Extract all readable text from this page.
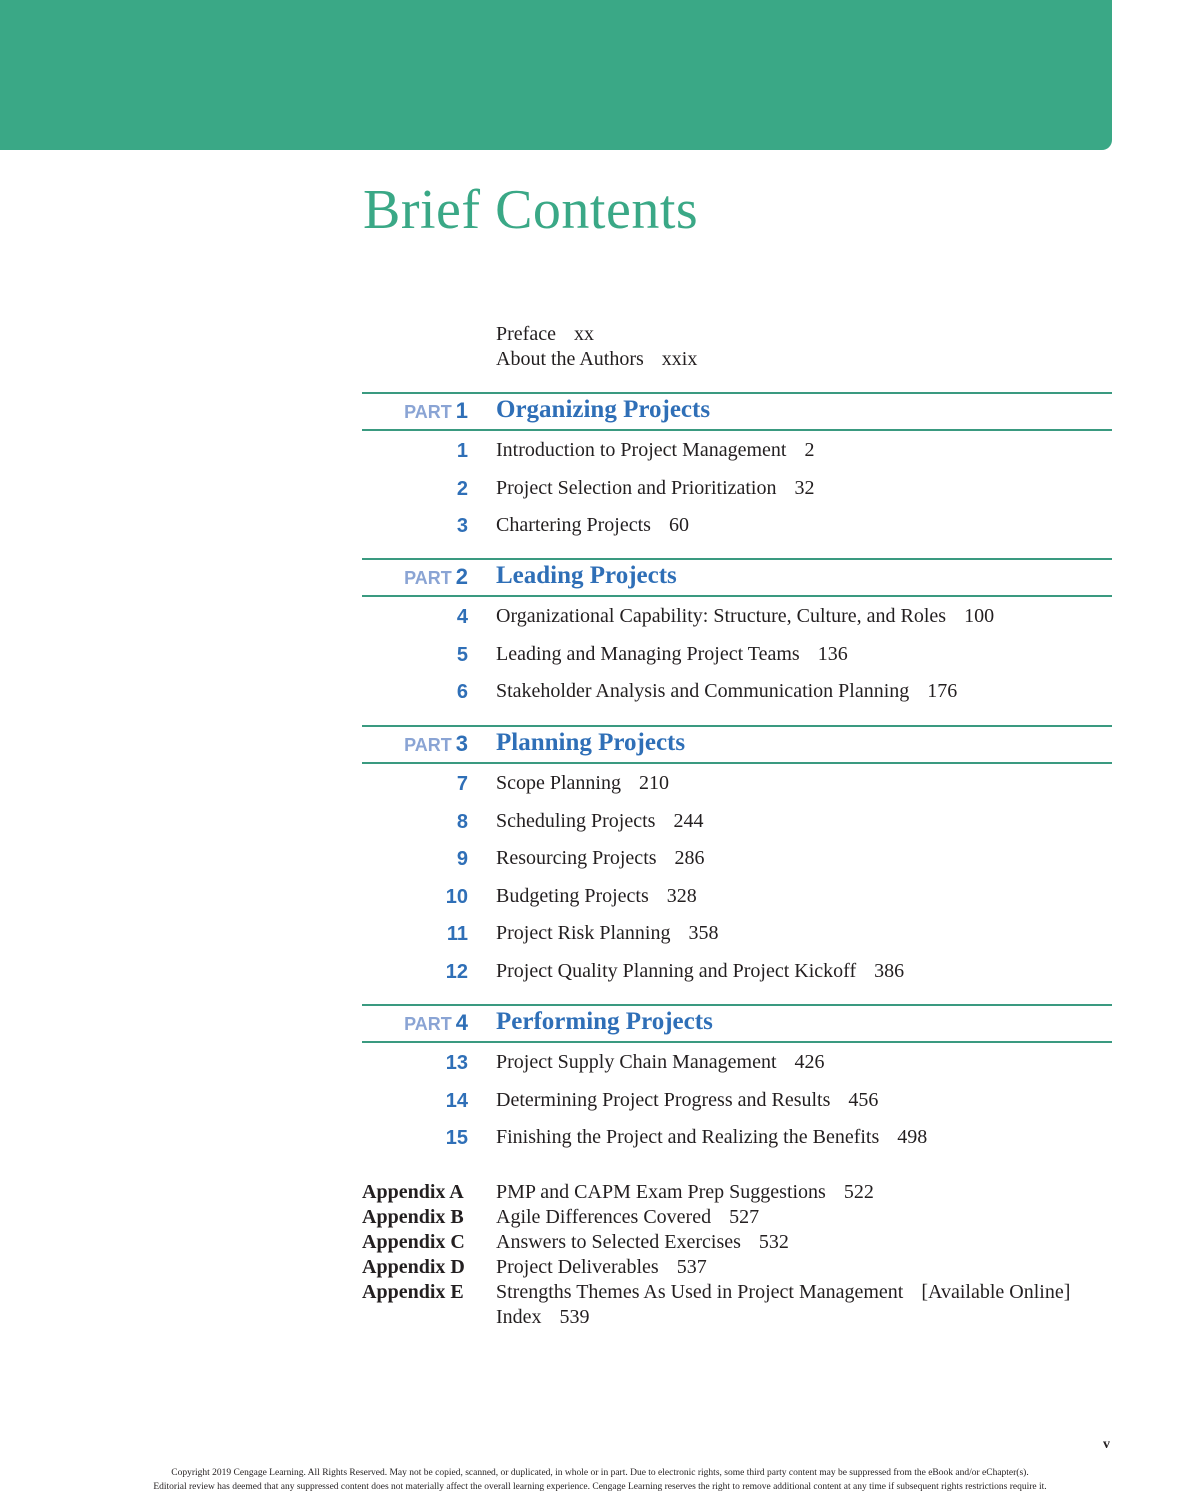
Brief Contents
Preface xx
About the Authors xxix
PART 1 Organizing Projects
1 Introduction to Project Management 2
2 Project Selection and Prioritization 32
3 Chartering Projects 60
PART 2 Leading Projects
4 Organizational Capability: Structure, Culture, and Roles 100
5 Leading and Managing Project Teams 136
6 Stakeholder Analysis and Communication Planning 176
PART 3 Planning Projects
7 Scope Planning 210
8 Scheduling Projects 244
9 Resourcing Projects 286
10 Budgeting Projects 328
11 Project Risk Planning 358
12 Project Quality Planning and Project Kickoff 386
PART 4 Performing Projects
13 Project Supply Chain Management 426
14 Determining Project Progress and Results 456
15 Finishing the Project and Realizing the Benefits 498
Appendix A PMP and CAPM Exam Prep Suggestions 522
Appendix B Agile Differences Covered 527
Appendix C Answers to Selected Exercises 532
Appendix D Project Deliverables 537
Appendix E Strengths Themes As Used in Project Management [Available Online]
Index 539
v
Copyright 2019 Cengage Learning. All Rights Reserved. May not be copied, scanned, or duplicated, in whole or in part. Due to electronic rights, some third party content may be suppressed from the eBook and/or eChapter(s).
Editorial review has deemed that any suppressed content does not materially affect the overall learning experience. Cengage Learning reserves the right to remove additional content at any time if subsequent rights restrictions require it.
